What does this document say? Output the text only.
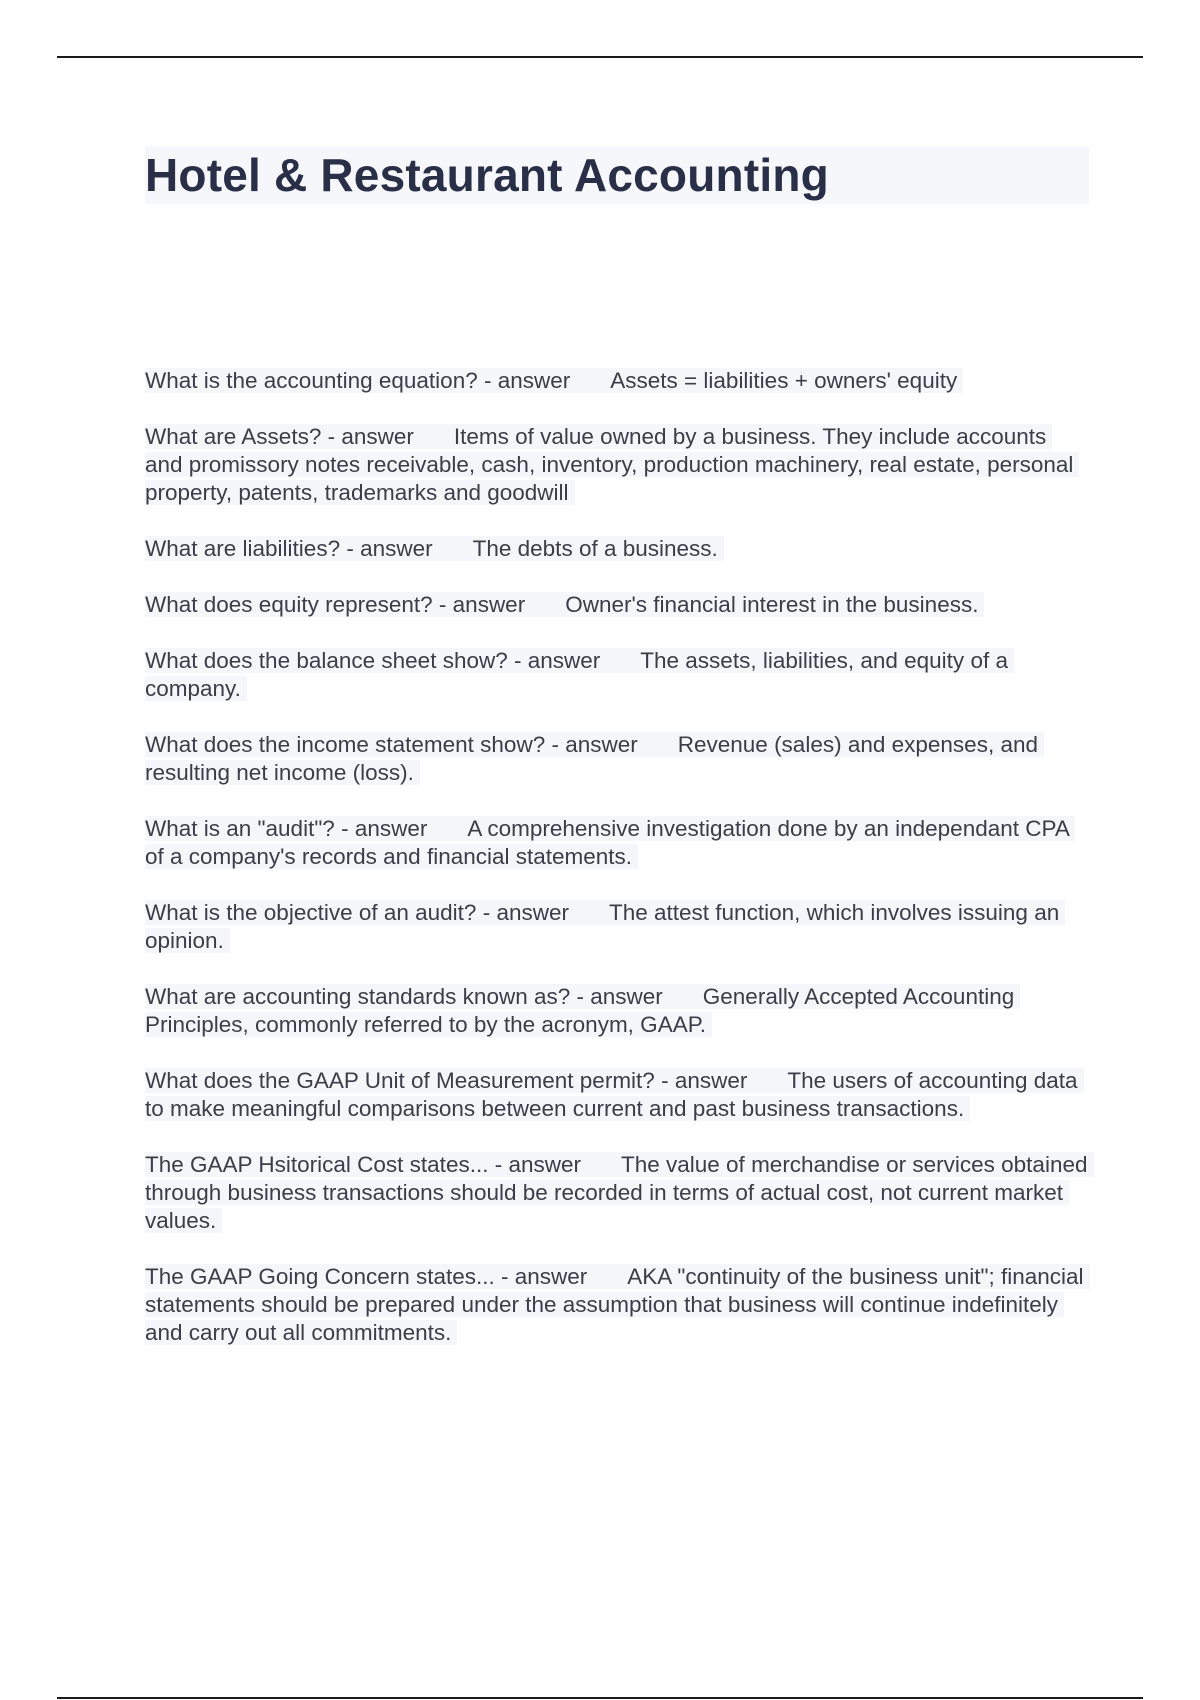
Hotel & Restaurant Accounting

What is the accounting equation? - answer Assets = liabilities + owners' equity

What are Assets? - answer Items of value owned by a business. They include accounts and promissory notes receivable, cash, inventory, production machinery, real estate, personal property, patents, trademarks and goodwill

What are liabilities? - answer The debts of a business.

What does equity represent? - answer Owner's financial interest in the business.

What does the balance sheet show? - answer The assets, liabilities, and equity of a company.

What does the income statement show? - answer Revenue (sales) and expenses, and resulting net income (loss).

What is an "audit"? - answer A comprehensive investigation done by an independant CPA of a company's records and financial statements.

What is the objective of an audit? - answer The attest function, which involves issuing an opinion.

What are accounting standards known as? - answer Generally Accepted Accounting Principles, commonly referred to by the acronym, GAAP.

What does the GAAP Unit of Measurement permit? - answer The users of accounting data to make meaningful comparisons between current and past business transactions.

The GAAP Hsitorical Cost states... - answer The value of merchandise or services obtained through business transactions should be recorded in terms of actual cost, not current market values.

The GAAP Going Concern states... - answer AKA "continuity of the business unit"; financial statements should be prepared under the assumption that business will continue indefinitely and carry out all commitments.
